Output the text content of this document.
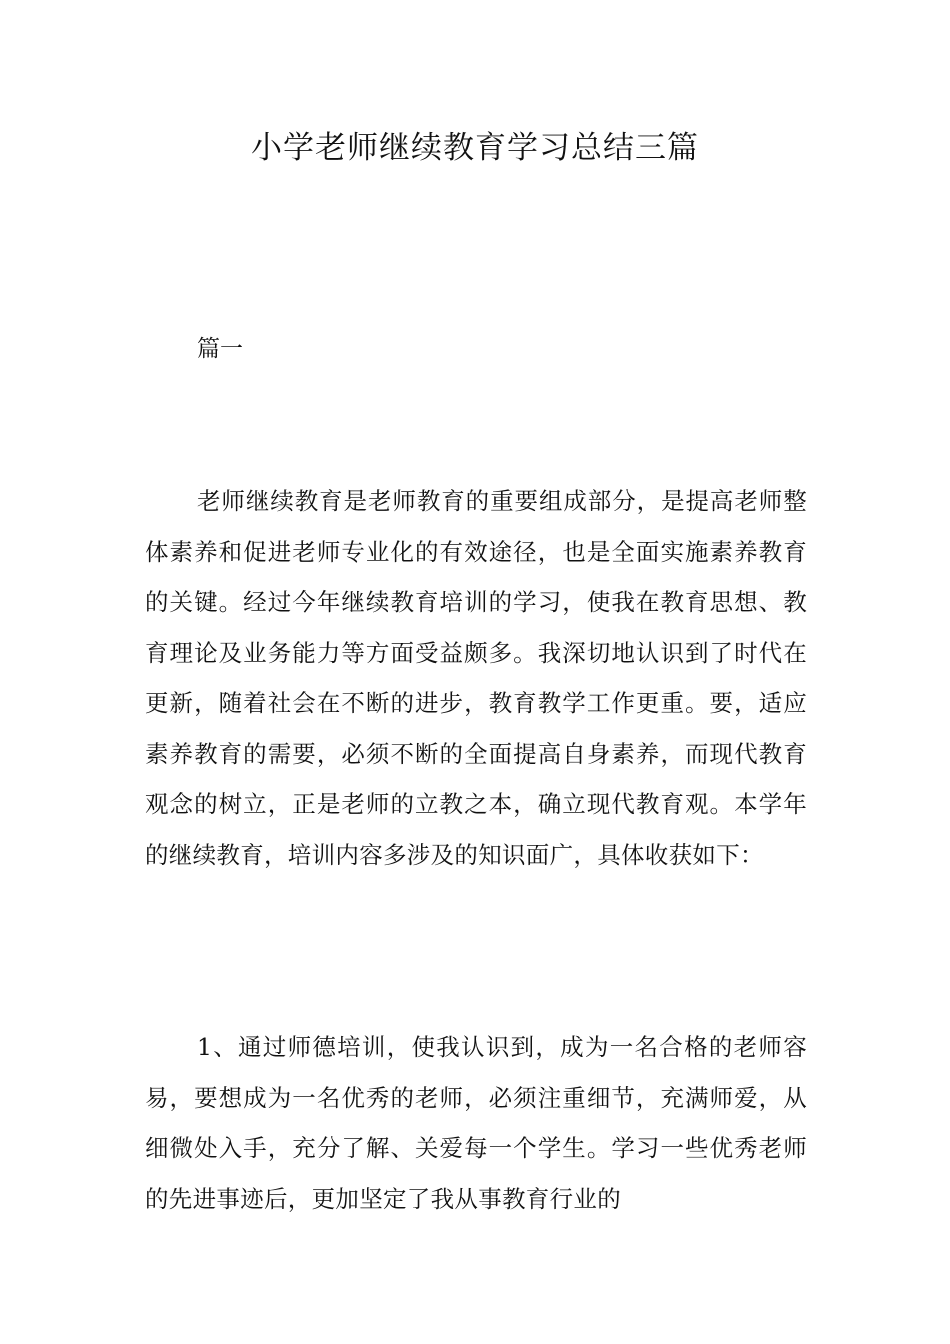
小学老师继续教育学习总结三篇
篇一

老师继续教育是老师教育的重要组成部分，是提高老师整体素养和促进老师专业化的有效途径，也是全面实施素养教育的关键。经过今年继续教育培训的学习，使我在教育思想、教育理论及业务能力等方面受益颇多。我深切地认识到了时代在更新，随着社会在不断的进步，教育教学工作更重。要，适应素养教育的需要，必须不断的全面提高自身素养，而现代教育观念的树立，正是老师的立教之本，确立现代教育观。本学年的继续教育，培训内容多涉及的知识面广，具体收获如下：

1、通过师德培训，使我认识到，成为一名合格的老师容易，要想成为一名优秀的老师，必须注重细节，充满师爱，从细微处入手，充分了解、关爱每一个学生。学习一些优秀老师的先进事迹后，更加坚定了我从事教育行业的
